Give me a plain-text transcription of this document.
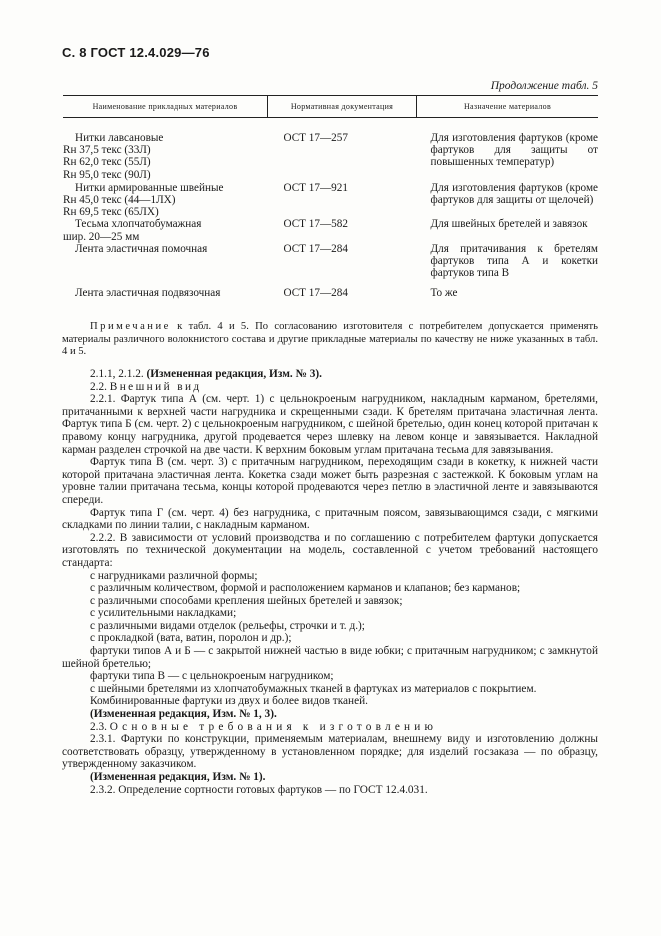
С. 8 ГОСТ 12.4.029—76
Продолжение табл. 5
Наименование прикладных материалов	Нормативная документация	Назначение материалов

Нитки лавсановые
Rн 37,5 текс (33Л)
Rн 62,0 текс (55Л)
Rн 95,0 текс (90Л)	ОСТ 17—257	Для изготовления фартуков (кроме фартуков для защиты от повышенных температур)

Нитки армированные швейные
Rн 45,0 текс (44—1ЛХ)
Rн 69,5 текс (65ЛХ)	ОСТ 17—921	Для изготовления фартуков (кроме фартуков для защиты от щелочей)

Тесьма хлопчатобумажная
шир. 20—25 мм	ОСТ 17—582	Для швейных бретелей и завязок

Лента эластичная помочная	ОСТ 17—284	Для притачивания к бретелям фартуков типа А и кокетки фартуков типа В

Лента эластичная подвязочная	ОСТ 17—284	То же
Примечание к табл. 4 и 5. По согласованию изготовителя с потребителем допускается применять материалы различного волокнистого состава и другие прикладные материалы по качеству не ниже указанных в табл. 4 и 5.

2.1.1, 2.1.2. (Измененная редакция, Изм. № 3).

2.2. Внешний вид

2.2.1. Фартук типа А (см. черт. 1) с цельнокроеным нагрудником, накладным карманом, бретелями, притачанными к верхней части нагрудника и скрещенными сзади. К бретелям притачана эластичная лента. Фартук типа Б (см. черт. 2) с цельнокроеным нагрудником, с шейной бретелью, один конец которой притачан к правому концу нагрудника, другой продевается через шлевку на левом конце и завязывается. Накладной карман разделен строчкой на две части. К верхним боковым углам притачана тесьма для завязывания.

Фартук типа В (см. черт. 3) с притачным нагрудником, переходящим сзади в кокетку, к нижней части которой притачана эластичная лента. Кокетка сзади может быть разрезная с застежкой. К боковым углам на уровне талии притачана тесьма, концы которой продеваются через петлю в эластичной ленте и завязываются спереди.

Фартук типа Г (см. черт. 4) без нагрудника, с притачным поясом, завязывающимся сзади, с мягкими складками по линии талии, с накладным карманом.

2.2.2. В зависимости от условий производства и по соглашению с потребителем фартуки допускается изготовлять по технической документации на модель, составленной с учетом требований настоящего стандарта:

с нагрудниками различной формы;

с различным количеством, формой и расположением карманов и клапанов; без карманов;

с различными способами крепления шейных бретелей и завязок;

с усилительными накладками;

с различными видами отделок (рельефы, строчки и т. д.);

с прокладкой (вата, ватин, поролон и др.);

фартуки типов А и Б — с закрытой нижней частью в виде юбки; с притачным нагрудником; с замкнутой шейной бретелью;

фартуки типа В — с цельнокроеным нагрудником;

с шейными бретелями из хлопчатобумажных тканей в фартуках из материалов с покрытием.

Комбинированные фартуки из двух и более видов тканей.

(Измененная редакция, Изм. № 1, 3).

2.3. Основные требования к изготовлению

2.3.1. Фартуки по конструкции, применяемым материалам, внешнему виду и изготовлению должны соответствовать образцу, утвержденному в установленном порядке; для изделий госзаказа — по образцу, утвержденному заказчиком.

(Измененная редакция, Изм. № 1).

2.3.2. Определение сортности готовых фартуков — по ГОСТ 12.4.031.
